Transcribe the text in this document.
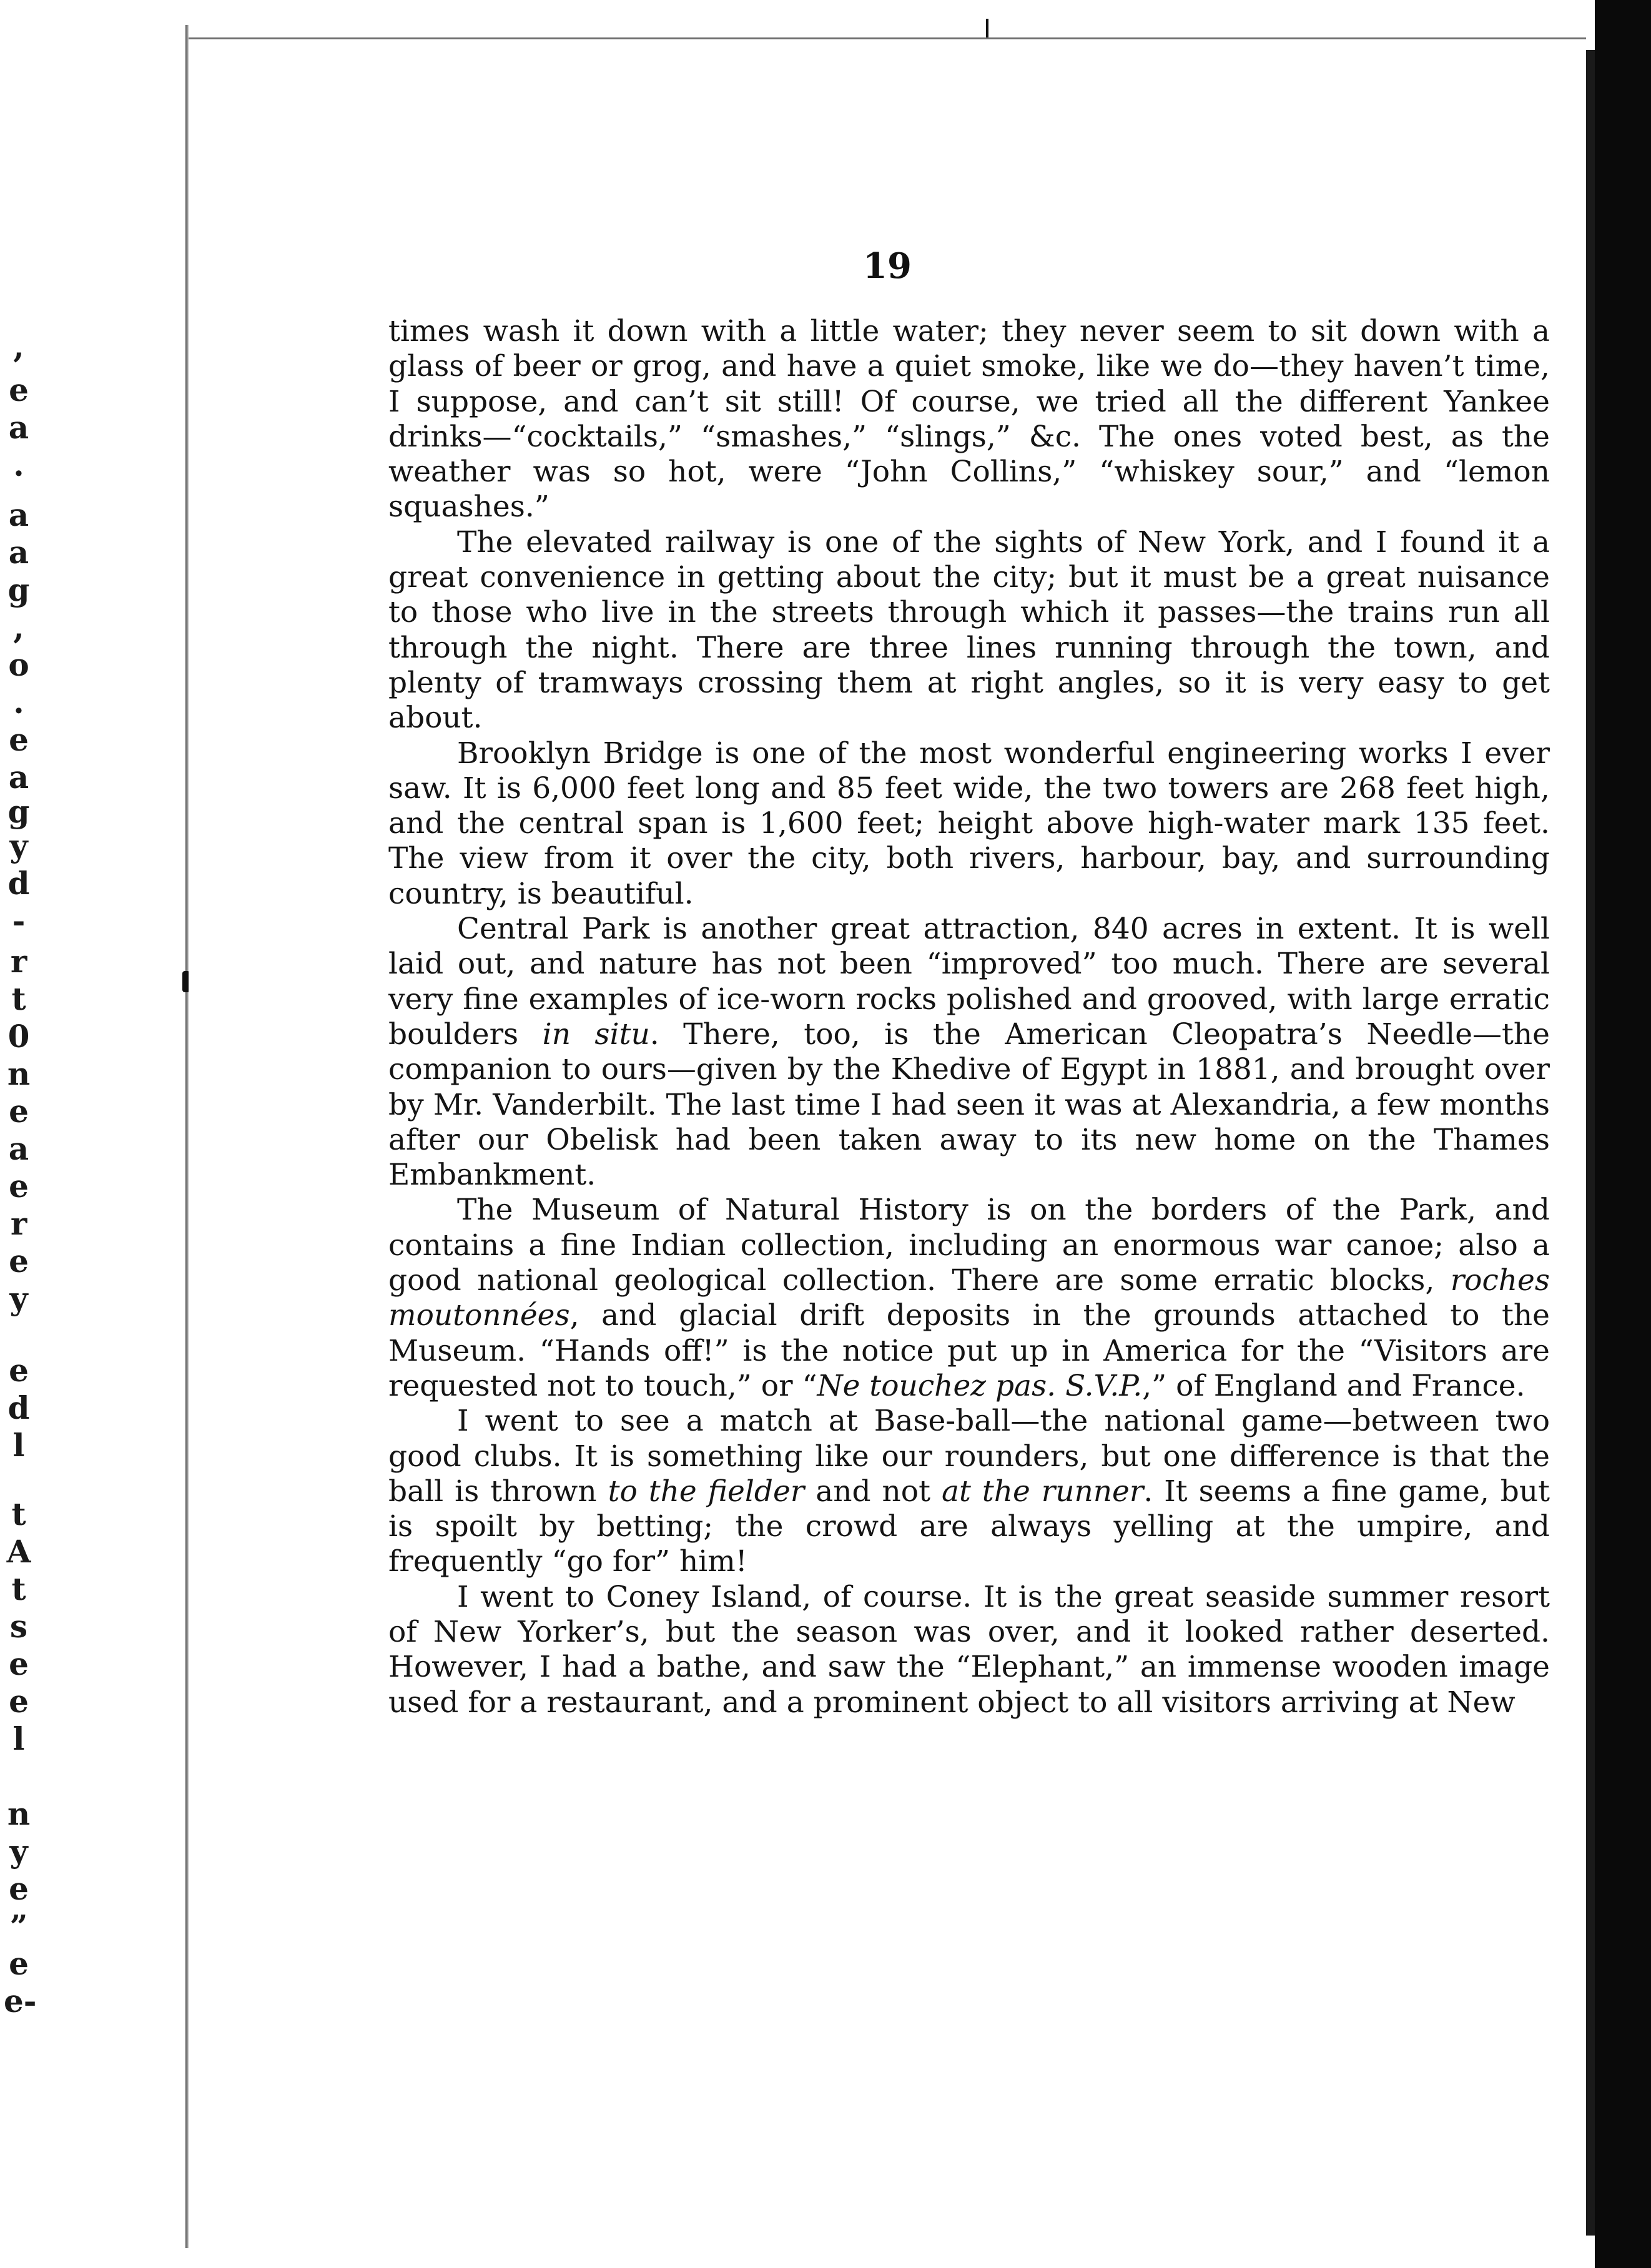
,
e
a
.
a
a
g
,
o
.
e
a
g
y
d
-
r
t
0
n
e
a
e
r
e
y
e
d
l
t
A
t
s
e
e
l
n
y
e
”
e
e-
19

times wash it down with a little water; they never seem to sit down with a glass of beer or grog, and have a quiet smoke, like we do—they haven’t time, I suppose, and can’t sit still! Of course, we tried all the different Yankee drinks—“cocktails,” “smashes,” “slings,” &c. The ones voted best, as the weather was so hot, were “John Collins,” “whiskey sour,” and “lemon squashes.”

The elevated railway is one of the sights of New York, and I found it a great convenience in getting about the city; but it must be a great nuisance to those who live in the streets through which it passes—the trains run all through the night. There are three lines running through the town, and plenty of tramways crossing them at right angles, so it is very easy to get about.

Brooklyn Bridge is one of the most wonderful engineering works I ever saw. It is 6,000 feet long and 85 feet wide, the two towers are 268 feet high, and the central span is 1,600 feet; height above high-water mark 135 feet. The view from it over the city, both rivers, harbour, bay, and surrounding country, is beautiful.

Central Park is another great attraction, 840 acres in extent. It is well laid out, and nature has not been “improved” too much. There are several very fine examples of ice-worn rocks polished and grooved, with large erratic boulders in situ. There, too, is the American Cleopatra’s Needle—the companion to ours—given by the Khedive of Egypt in 1881, and brought over by Mr. Vanderbilt. The last time I had seen it was at Alexandria, a few months after our Obelisk had been taken away to its new home on the Thames Embankment.

The Museum of Natural History is on the borders of the Park, and contains a fine Indian collection, including an enormous war canoe; also a good national geological collection. There are some erratic blocks, roches moutonnées, and glacial drift deposits in the grounds attached to the Museum. “Hands off!” is the notice put up in America for the “Visitors are requested not to touch,” or “Ne touchez pas. S.V.P.,” of England and France.

I went to see a match at Base-ball—the national game—between two good clubs. It is something like our rounders, but one difference is that the ball is thrown to the fielder and not at the runner. It seems a fine game, but is spoilt by betting; the crowd are always yelling at the umpire, and frequently “go for” him!

I went to Coney Island, of course. It is the great seaside summer resort of New Yorker’s, but the season was over, and it looked rather deserted. However, I had a bathe, and saw the “Elephant,” an immense wooden image used for a restaurant, and a prominent object to all visitors arriving at New
